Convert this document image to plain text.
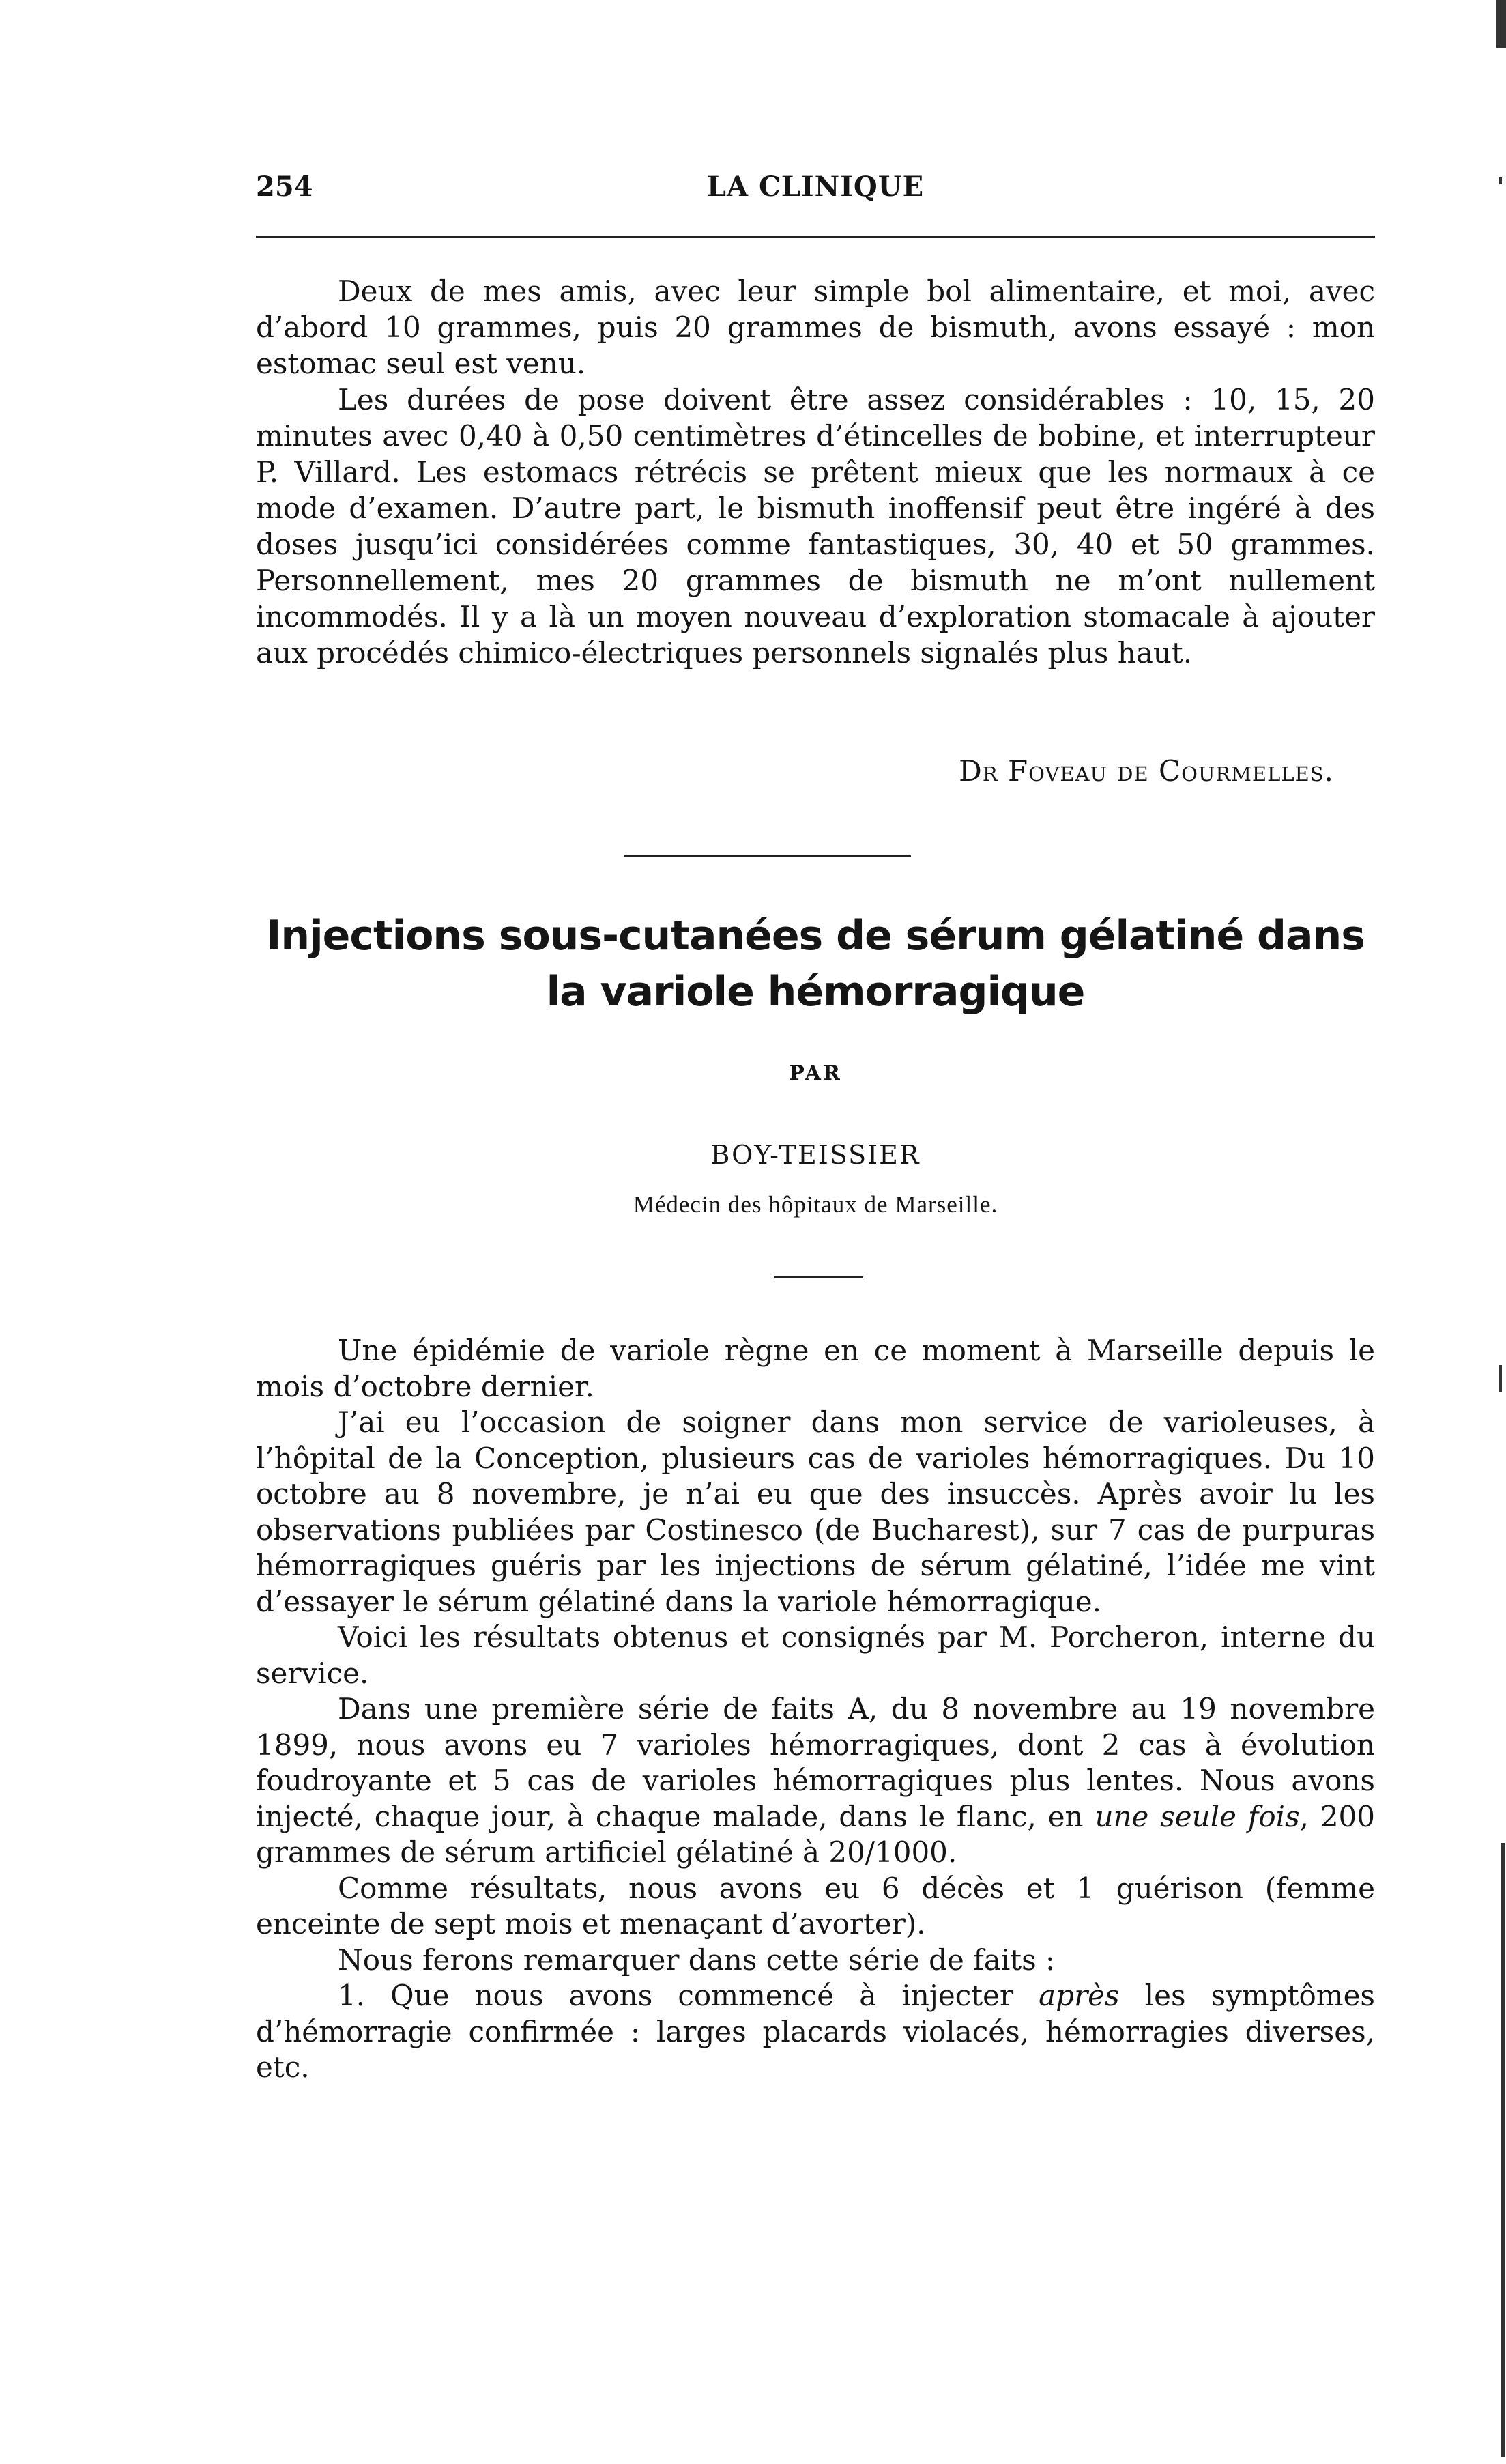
254	LA CLINIQUE

Deux de mes amis, avec leur simple bol alimentaire, et moi, avec d’abord 10 grammes, puis 20 grammes de bismuth, avons essayé : mon estomac seul est venu.

Les durées de pose doivent être assez considérables : 10, 15, 20 minutes avec 0,40 à 0,50 centimètres d’étincelles de bobine, et interrupteur P. Villard. Les estomacs rétrécis se prêtent mieux que les normaux à ce mode d’examen. D’autre part, le bismuth inoffensif peut être ingéré à des doses jusqu’ici considérées comme fantastiques, 30, 40 et 50 grammes. Personnellement, mes 20 grammes de bismuth ne m’ont nullement incommodés. Il y a là un moyen nouveau d’exploration stomacale à ajouter aux procédés chimico-électriques personnels signalés plus haut.

Dr Foveau de Courmelles.
Injections sous-cutanées de sérum gélatiné dans
la variole hémorragique
PAR
BOY-TEISSIER
Médecin des hôpitaux de Marseille.

Une épidémie de variole règne en ce moment à Marseille depuis le mois d’octobre dernier.

J’ai eu l’occasion de soigner dans mon service de varioleuses, à l’hôpital de la Conception, plusieurs cas de varioles hémorragiques. Du 10 octobre au 8 novembre, je n’ai eu que des insuccès. Après avoir lu les observations publiées par Costinesco (de Bucharest), sur 7 cas de purpuras hémorragiques guéris par les injections de sérum gélatiné, l’idée me vint d’essayer le sérum gélatiné dans la variole hémorragique.

Voici les résultats obtenus et consignés par M. Porcheron, interne du service.

Dans une première série de faits A, du 8 novembre au 19 novembre 1899, nous avons eu 7 varioles hémorragiques, dont 2 cas à évolution foudroyante et 5 cas de varioles hémorragiques plus lentes. Nous avons injecté, chaque jour, à chaque malade, dans le flanc, en une seule fois, 200 grammes de sérum artificiel gélatiné à 20/1000.

Comme résultats, nous avons eu 6 décès et 1 guérison (femme enceinte de sept mois et menaçant d’avorter).

Nous ferons remarquer dans cette série de faits :

1. Que nous avons commencé à injecter après les symptômes d’hémorragie confirmée : larges placards violacés, hémorragies diverses, etc.
